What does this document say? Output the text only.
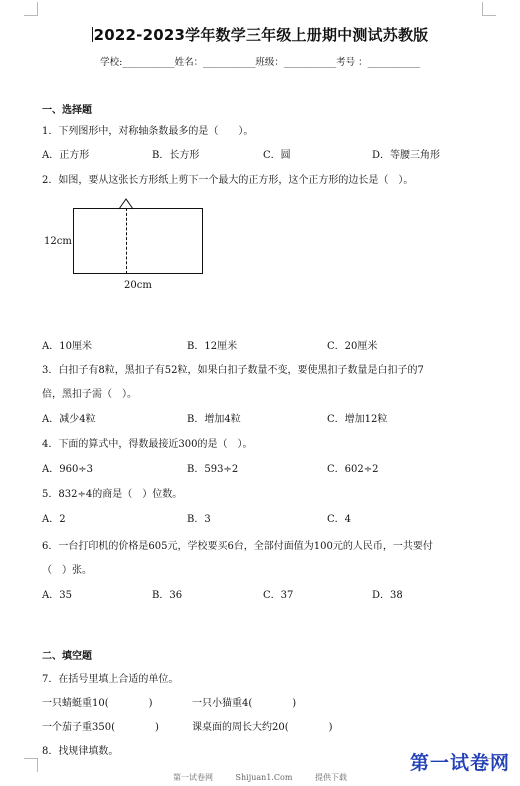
2022-2023学年数学三年级上册期中测试苏教版
学校:___________姓名：___________班级：___________考号 ：___________
一、选择题
1．下列图形中，对称轴条数最多的是（　　）。
A．正方形	B．长方形	C．圆	D．等腰三角形
2．如图，要从这张长方形纸上剪下一个最大的正方形，这个正方形的边长是（　）。
12cm
20cm
A．10厘米	B．12厘米	C．20厘米
3．白扣子有8粒，黑扣子有52粒，如果白扣子数量不变，要使黑扣子数量是白扣子的7
倍，黑扣子需（　）。
A．减少4粒	B．增加4粒	C．增加12粒
4．下面的算式中，得数最接近300的是（　）。
A．960÷3	B．593÷2	C．602÷2
5．832÷4的商是（　）位数。
A．2	B．3	C．4
6．一台打印机的价格是605元，学校要买6台，全部付面值为100元的人民币，一共要付
（　）张。
A．35	B．36	C．37	D．38
二、填空题
7．在括号里填上合适的单位。
一只蜻蜓重10(　　　　)	一只小猫重4(　　　　)
一个茄子重350(　　　　)	课桌面的周长大约20(　　　　)
8．找规律填数。
第一试卷网	Shijuan1.Com	提供下载
第一试卷网
